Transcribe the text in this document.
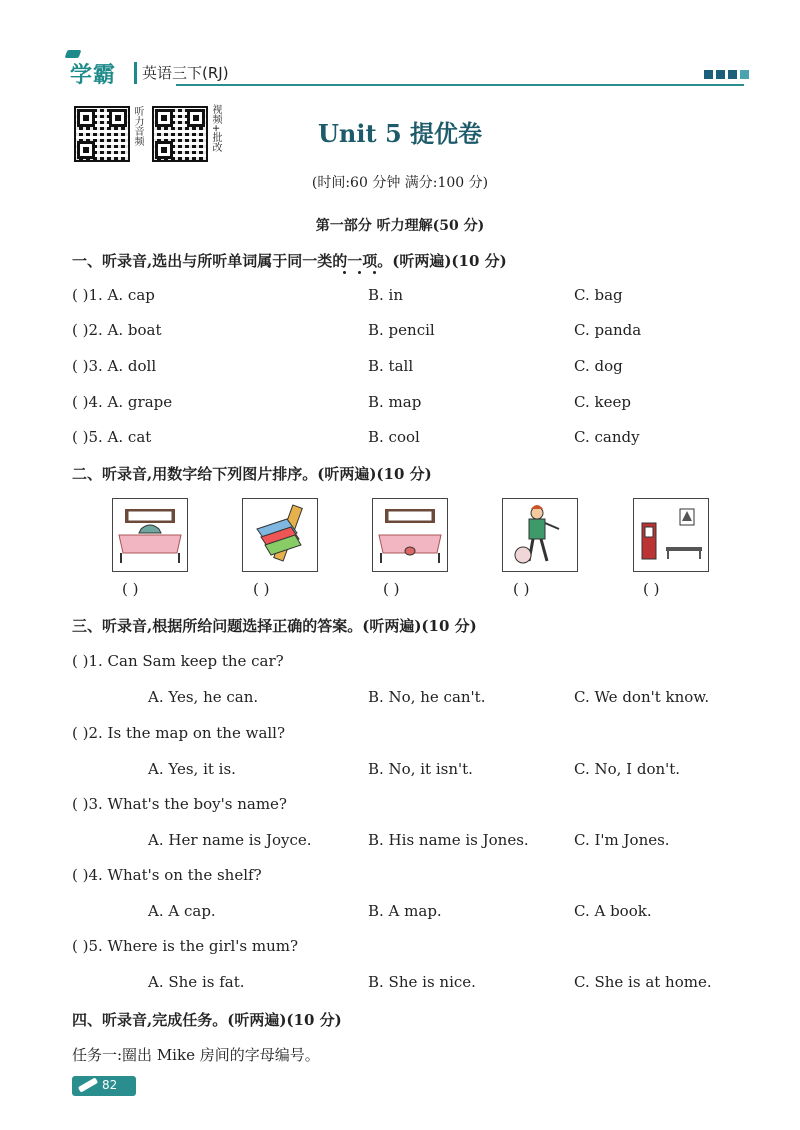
学霸 英语三下(RJ)
听力音频	视频+批改	Unit 5 提优卷
(时间:60 分钟 满分:100 分)
第一部分 听力理解(50 分)
一、听录音,选出与所听单词属于同一类的一项。(听两遍)(10 分)
( )1. A. cap	B. in	C. bag
( )2. A. boat	B. pencil	C. panda
( )3. A. doll	B. tall	C. dog
( )4. A. grape	B. map	C. keep
( )5. A. cat	B. cool	C. candy
二、听录音,用数字给下列图片排序。(听两遍)(10 分)
( )	( )	( )	( )	( )
三、听录音,根据所给问题选择正确的答案。(听两遍)(10 分)
( )1. Can Sam keep the car?
A. Yes, he can.	B. No, he can't.	C. We don't know.
( )2. Is the map on the wall?
A. Yes, it is.	B. No, it isn't.	C. No, I don't.
( )3. What's the boy's name?
A. Her name is Joyce.	B. His name is Jones.	C. I'm Jones.
( )4. What's on the shelf?
A. A cap.	B. A map.	C. A book.
( )5. Where is the girl's mum?
A. She is fat.	B. She is nice.	C. She is at home.
四、听录音,完成任务。(听两遍)(10 分)
任务一:圈出 Mike 房间的字母编号。
82
